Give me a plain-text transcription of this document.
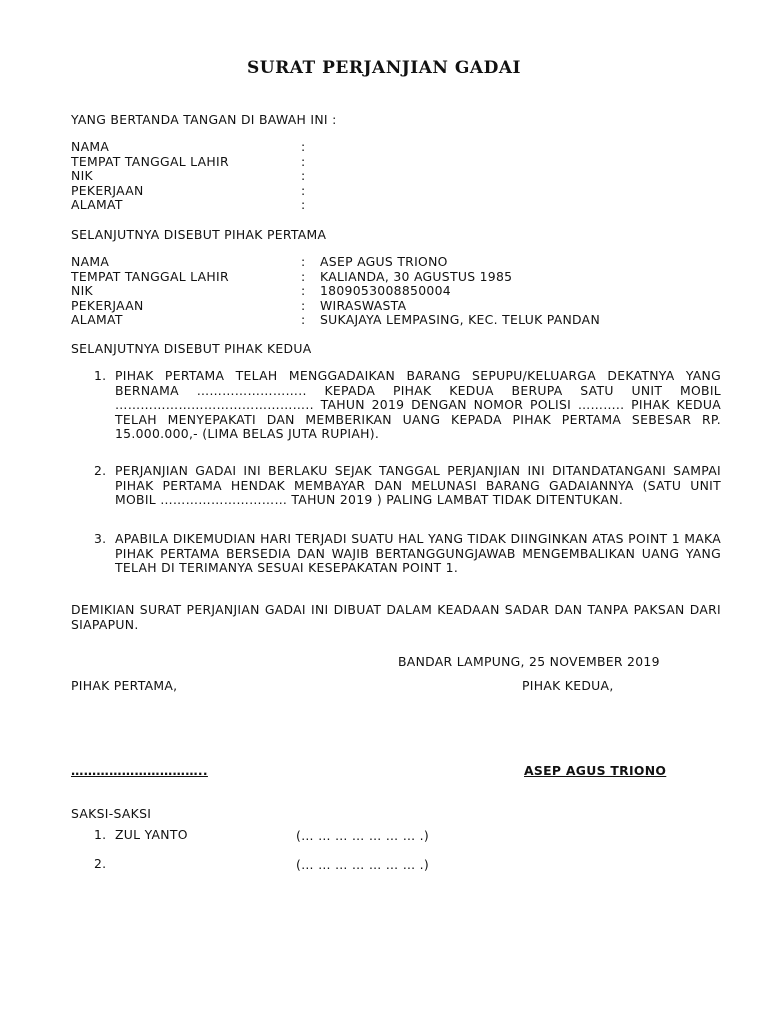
SURAT PERJANJIAN GADAI
YANG BERTANDA TANGAN DI BAWAH INI :
NAMA	:
TEMPAT TANGGAL LAHIR	:
NIK	:
PEKERJAAN	:
ALAMAT	:
SELANJUTNYA DISEBUT PIHAK PERTAMA
NAMA	: ASEP AGUS TRIONO
TEMPAT TANGGAL LAHIR	: KALIANDA, 30 AGUSTUS 1985
NIK	: 1809053008850004
PEKERJAAN	: WIRASWASTA
ALAMAT	: SUKAJAYA LEMPASING, KEC. TELUK PANDAN
SELANJUTNYA DISEBUT PIHAK KEDUA
1. PIHAK PERTAMA TELAH MENGGADAIKAN BARANG SEPUPU/KELUARGA DEKATNYA YANG BERNAMA …………………….. KEPADA PIHAK KEDUA BERUPA SATU UNIT MOBIL ……………………………………….. TAHUN 2019 DENGAN NOMOR POLISI ……….. PIHAK KEDUA TELAH MENYEPAKATI DAN MEMBERIKAN UANG KEPADA PIHAK PERTAMA SEBESAR RP. 15.000.000,- (LIMA BELAS JUTA RUPIAH).
2. PERJANJIAN GADAI INI BERLAKU SEJAK TANGGAL PERJANJIAN INI DITANDATANGANI SAMPAI PIHAK PERTAMA HENDAK MEMBAYAR DAN MELUNASI BARANG GADAIANNYA (SATU UNIT MOBIL ………………………… TAHUN 2019 ) PALING LAMBAT TIDAK DITENTUKAN.
3. APABILA DIKEMUDIAN HARI TERJADI SUATU HAL YANG TIDAK DIINGINKAN ATAS POINT 1 MAKA PIHAK PERTAMA BERSEDIA DAN WAJIB BERTANGGUNGJAWAB MENGEMBALIKAN UANG YANG TELAH DI TERIMANYA SESUAI KESEPAKATAN POINT 1.
DEMIKIAN SURAT PERJANJIAN GADAI INI DIBUAT DALAM KEADAAN SADAR DAN TANPA PAKSAN DARI SIAPAPUN.
BANDAR LAMPUNG, 25 NOVEMBER 2019
PIHAK PERTAMA,	PIHAK KEDUA,
…………………………..	ASEP AGUS TRIONO
SAKSI-SAKSI
1. ZUL YANTO	(… … … … … … … .)
2.	(… … … … … … … .)
